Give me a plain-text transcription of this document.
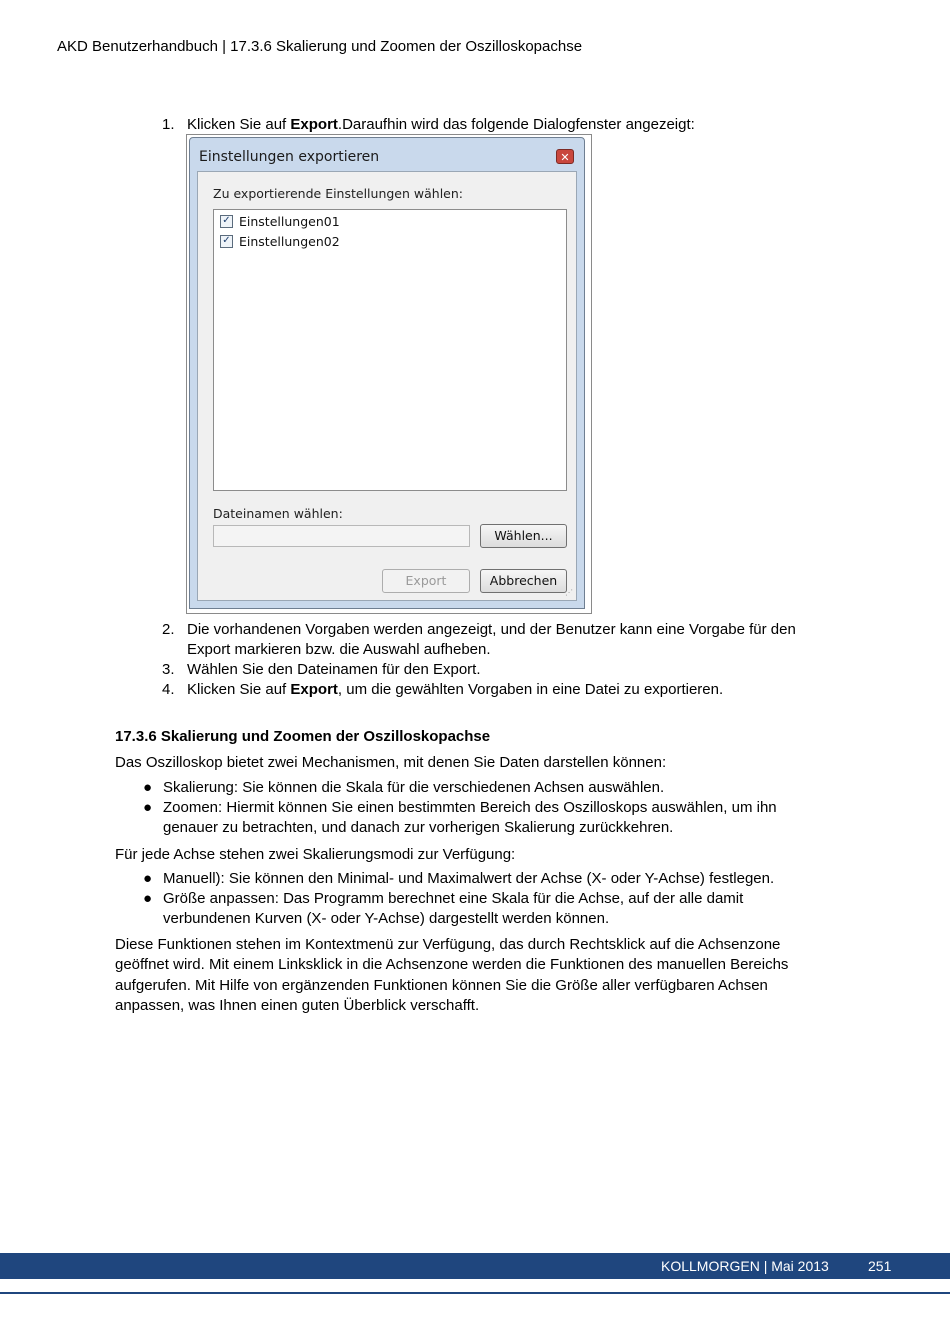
AKD Benutzerhandbuch | 17.3.6 Skalierung und Zoomen der Oszilloskopachse
1. Klicken Sie auf Export.Daraufhin wird das folgende Dialogfenster angezeigt:
Einstellungen exportieren	✕
Zu exportierende Einstellungen wählen:
✓ Einstellungen01
✓ Einstellungen02
Dateinamen wählen:
Wählen...
Export	Abbrechen
⋰
2. Die vorhandenen Vorgaben werden angezeigt, und der Benutzer kann eine Vorgabe für den Export markieren bzw. die Auswahl aufheben.
3. Wählen Sie den Dateinamen für den Export.
4. Klicken Sie auf Export, um die gewählten Vorgaben in eine Datei zu exportieren.
17.3.6 Skalierung und Zoomen der Oszilloskopachse
Das Oszilloskop bietet zwei Mechanismen, mit denen Sie Daten darstellen können:
● Skalierung: Sie können die Skala für die verschiedenen Achsen auswählen.
● Zoomen: Hiermit können Sie einen bestimmten Bereich des Oszilloskops auswählen, um ihn genauer zu betrachten, und danach zur vorherigen Skalierung zurückkehren.
Für jede Achse stehen zwei Skalierungsmodi zur Verfügung:
● Manuell): Sie können den Minimal- und Maximalwert der Achse (X- oder Y-Achse) festlegen.
● Größe anpassen: Das Programm berechnet eine Skala für die Achse, auf der alle damit verbundenen Kurven (X- oder Y-Achse) dargestellt werden können.
Diese Funktionen stehen im Kontextmenü zur Verfügung, das durch Rechtsklick auf die Achsenzone geöffnet wird. Mit einem Linksklick in die Achsenzone werden die Funktionen des manuellen Bereichs aufgerufen. Mit Hilfe von ergänzenden Funktionen können Sie die Größe aller verfügbaren Achsen anpassen, was Ihnen einen guten Überblick verschafft.
KOLLMORGEN | Mai 2013	251
